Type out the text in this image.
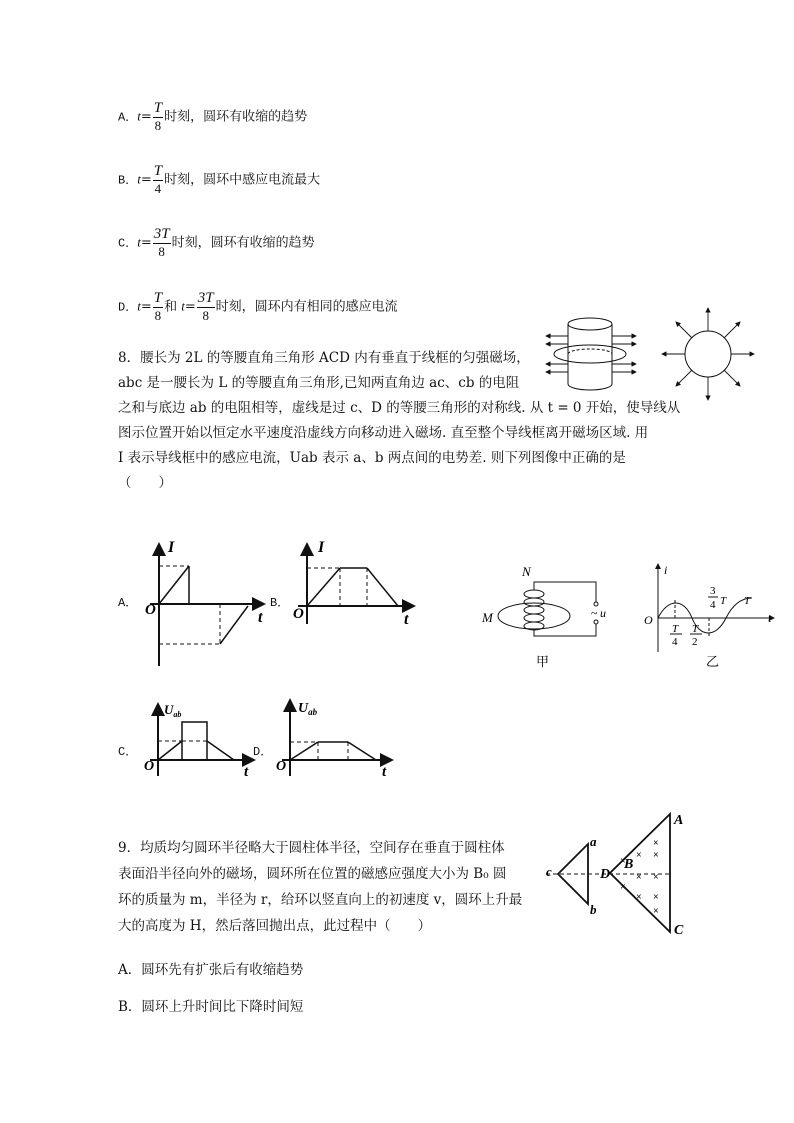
A．$t= \frac{T}{8}$ 时刻，圆环有收缩的趋势
B．$t= \frac{T}{4}$ 时刻，圆环中感应电流最大
C．$t= \frac{3T}{8}$ 时刻，圆环有收缩的趋势
D．$t= \frac{T}{8}$ 和 $t= \frac{3T}{8}$ 时刻，圆环内有相同的感应电流
8．腰长为 2L 的等腰直角三角形 ACD 内有垂直于线框的匀强磁场，
abc 是一腰长为 L 的等腰直角三角形,已知两直角边 ac、cb 的电阻
之和与底边 ab 的电阻相等，虚线是过 c、D 的等腰三角形的对称线. 从 t = 0 开始，使导线从
图示位置开始以恒定水平速度沿虚线方向移动进入磁场. 直至整个导线框离开磁场区域. 用
I 表示导线框中的感应电流，Uab 表示 a、b 两点间的电势差. 则下列图像中正确的是
（　　）
A．
I
t
O	B．
I
t
O
N
M	~ u
甲
i
t
O
T
4
T
2
3
4 T T
乙
C．
$U_{ab}$
t
O
D．
$U_{ab}$
t
O
9．均质均匀圆环半径略大于圆柱体半径，空间存在垂直于圆柱体
表面沿半径向外的磁场，圆环所在位置的磁感应强度大小为 B₀ 圆
环的质量为 m，半径为 r，给环以竖直向上的初速度 v，圆环上升最
大的高度为 H，然后落回抛出点，此过程中（　　）
A．圆环先有扩张后有收缩趋势
B．圆环上升时间比下降时间短
A
C
D
B
a
b
c
×
× ×
×
× ×
×
× ×
×
